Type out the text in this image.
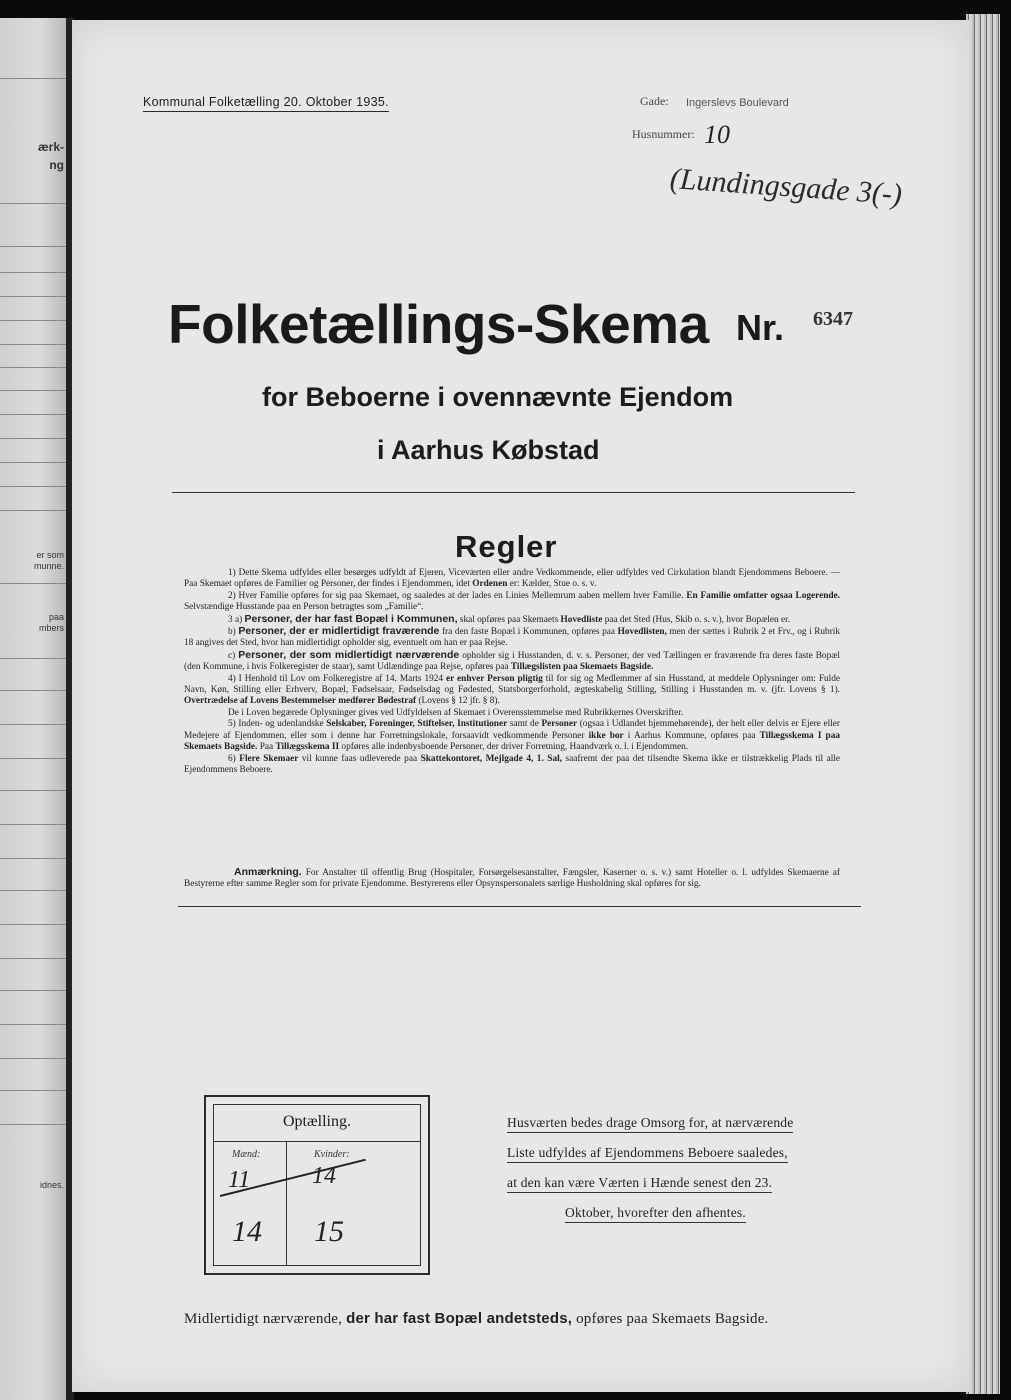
ærk-
ng
er som
munne.
paa
mbers
idnes.
Kommunal Folketælling 20. Oktober 1935.	Gade: Ingerslevs Boulevard
Husnummer: 10
(Lundingsgade 3(-)
Folketællings-Skema Nr. 6347
for Beboerne i ovennævnte Ejendom
i Aarhus Købstad
Regler

1) Dette Skema udfyldes eller besørges udfyldt af Ejeren, Viceværten eller andre Vedkommende, eller udfyldes ved Cirkulation blandt Ejendommens Beboere. — Paa Skemaet opføres de Familier og Personer, der findes i Ejendommen, idet Ordenen er: Kælder, Stue o. s. v.

2) Hver Familie opføres for sig paa Skemaet, og saaledes at der lades en Linies Mellemrum aaben mellem hver Familie. En Familie omfatter ogsaa Logerende. Selvstændige Husstande paa en Person betragtes som „Familie“.

3 a) Personer, der har fast Bopæl i Kommunen, skal opføres paa Skemaets Hovedliste paa det Sted (Hus, Skib o. s. v.), hvor Bopælen er.

b) Personer, der er midlertidigt fraværende fra den faste Bopæl i Kommunen, opføres paa Hovedlisten, men der sættes i Rubrik 2 et Frv., og i Rubrik 18 angives det Sted, hvor han midlertidigt opholder sig, eventuelt om han er paa Rejse.

c) Personer, der som midlertidigt nærværende opholder sig i Husstanden, d. v. s. Personer, der ved Tællingen er fraværende fra deres faste Bopæl (den Kommune, i hvis Folkeregister de staar), samt Udlændinge paa Rejse, opføres paa Tillægslisten paa Skemaets Bagside.

4) I Henhold til Lov om Folkeregistre af 14. Marts 1924 er enhver Person pligtig til for sig og Medlemmer af sin Husstand, at meddele Oplysninger om: Fulde Navn, Køn, Stilling eller Erhverv, Bopæl, Fødselsaar, Fødselsdag og Fødested, Statsborgerforhold, ægteskabelig Stilling, Stilling i Husstanden m. v. (jfr. Lovens § 1). Overtrædelse af Lovens Bestemmelser medfører Bødestraf (Lovens § 12 jfr. § 8).

De i Loven begærede Oplysninger gives ved Udfyldelsen af Skemaet i Overensstemmelse med Rubrikkernes Overskrifter.

5) Inden- og udenlandske Selskaber, Foreninger, Stiftelser, Institutioner samt de Personer (ogsaa i Udlandet hjemmehørende), der helt eller delvis er Ejere eller Medejere af Ejendommen, eller som i denne har Forretningslokale, forsaavidt vedkommende Personer ikke bor i Aarhus Kommune, opføres paa Tillægsskema I paa Skemaets Bagside. Paa Tillægsskema II opføres alle indenbysboende Personer, der driver Forretning, Haandværk o. l. i Ejendommen.

6) Flere Skemaer vil kunne faas udleverede paa Skattekontoret, Mejlgade 4, 1. Sal, saafremt der paa det tilsendte Skema ikke er tilstrækkelig Plads til alle Ejendommens Beboere.

Anmærkning. For Anstalter til offentlig Brug (Hospitaler, Forsørgelsesanstalter, Fængsler, Kaserner o. s. v.) samt Hoteller o. l. udfyldes Skemaerne af Bestyrerne efter samme Regler som for private Ejendomme. Bestyrerens eller Opsynspersonalets særlige Husholdning skal opføres for sig.

Optælling.
Mænd:	Kvinder:
11	14
14 15
Husværten bedes drage Omsorg for, at nærværende
Liste udfyldes af Ejendommens Beboere saaledes,
at den kan være Værten i Hænde senest den 23.
Oktober, hvorefter den afhentes.
Midlertidigt nærværende, der har fast Bopæl andetsteds, opføres paa Skemaets Bagside.
